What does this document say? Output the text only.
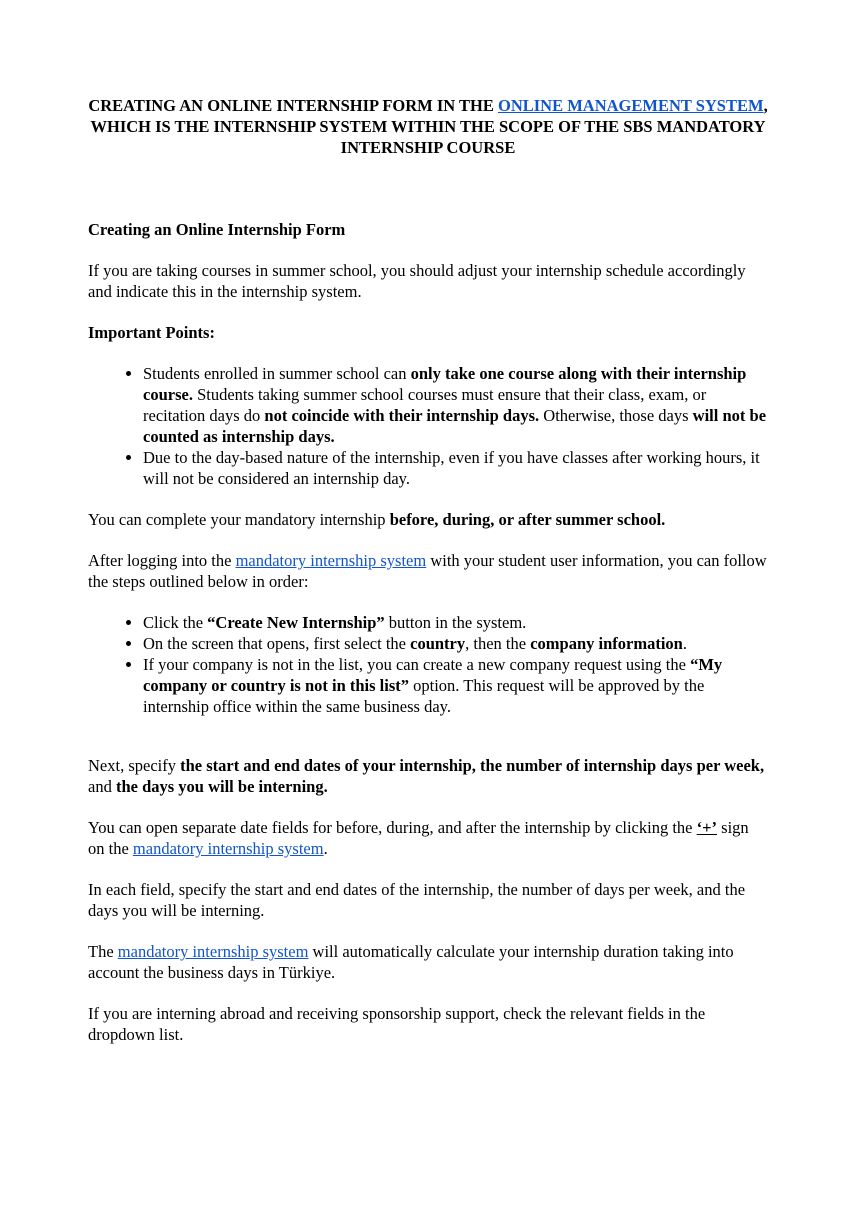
CREATING AN ONLINE INTERNSHIP FORM IN THE ONLINE MANAGEMENT SYSTEM, WHICH IS THE INTERNSHIP SYSTEM WITHIN THE SCOPE OF THE SBS MANDATORY INTERNSHIP COURSE
Creating an Online Internship Form

If you are taking courses in summer school, you should adjust your internship schedule accordingly and indicate this in the internship system.

Important Points:
• Students enrolled in summer school can only take one course along with their internship course. Students taking summer school courses must ensure that their class, exam, or recitation days do not coincide with their internship days. Otherwise, those days will not be counted as internship days.
• Due to the day-based nature of the internship, even if you have classes after working hours, it will not be considered an internship day.

You can complete your mandatory internship before, during, or after summer school.

After logging into the mandatory internship system with your student user information, you can follow the steps outlined below in order:

• Click the “Create New Internship” button in the system.
• On the screen that opens, first select the country, then the company information.
• If your company is not in the list, you can create a new company request using the “My company or country is not in this list” option. This request will be approved by the internship office within the same business day.

Next, specify the start and end dates of your internship, the number of internship days per week, and the days you will be interning.

You can open separate date fields for before, during, and after the internship by clicking the ‘+’ sign on the mandatory internship system.

In each field, specify the start and end dates of the internship, the number of days per week, and the days you will be interning.

The mandatory internship system will automatically calculate your internship duration taking into account the business days in Türkiye.

If you are interning abroad and receiving sponsorship support, check the relevant fields in the dropdown list.
